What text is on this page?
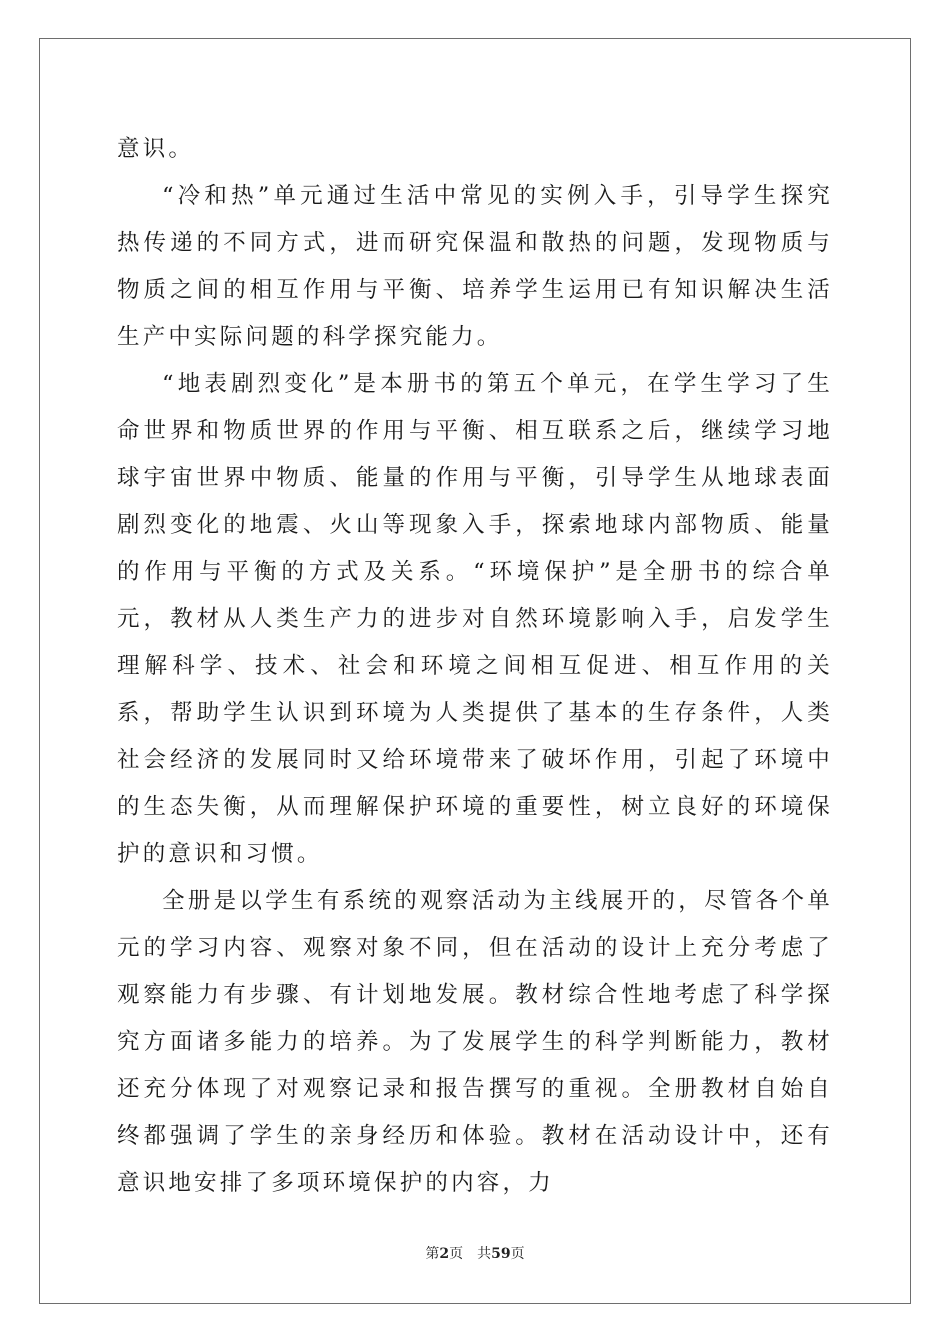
意识。

“冷和热”单元通过生活中常见的实例入手，引导学生探究热传递的不同方式，进而研究保温和散热的问题，发现物质与物质之间的相互作用与平衡、培养学生运用已有知识解决生活生产中实际问题的科学探究能力。

“地表剧烈变化”是本册书的第五个单元，在学生学习了生命世界和物质世界的作用与平衡、相互联系之后，继续学习地球宇宙世界中物质、能量的作用与平衡，引导学生从地球表面剧烈变化的地震、火山等现象入手，探索地球内部物质、能量的作用与平衡的方式及关系。“环境保护”是全册书的综合单元，教材从人类生产力的进步对自然环境影响入手，启发学生理解科学、技术、社会和环境之间相互促进、相互作用的关系，帮助学生认识到环境为人类提供了基本的生存条件，人类社会经济的发展同时又给环境带来了破坏作用，引起了环境中的生态失衡，从而理解保护环境的重要性，树立良好的环境保护的意识和习惯。

全册是以学生有系统的观察活动为主线展开的，尽管各个单元的学习内容、观察对象不同，但在活动的设计上充分考虑了观察能力有步骤、有计划地发展。教材综合性地考虑了科学探究方面诸多能力的培养。为了发展学生的科学判断能力，教材还充分体现了对观察记录和报告撰写的重视。全册教材自始自终都强调了学生的亲身经历和体验。教材在活动设计中，还有意识地安排了多项环境保护的内容，力

第2页 共59页
